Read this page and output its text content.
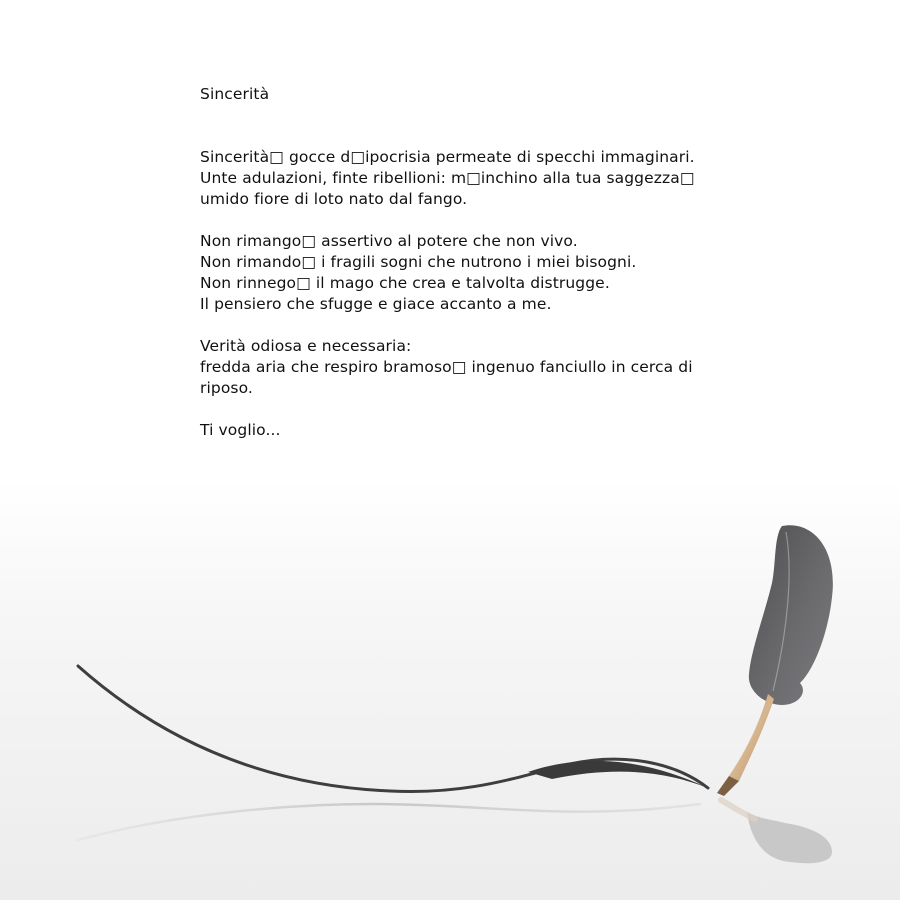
Sincerità
Sincerità□ gocce d□ipocrisia permeate di specchi immaginari.
Unte adulazioni, finte ribellioni: m□inchino alla tua saggezza□
umido fiore di loto nato dal fango.
Non rimango□ assertivo al potere che non vivo.
Non rimando□ i fragili sogni che nutrono i miei bisogni.
Non rinnego□ il mago che crea e talvolta distrugge.
Il pensiero che sfugge e giace accanto a me.
Verità odiosa e necessaria:
fredda aria che respiro bramoso□ ingenuo fanciullo in cerca di riposo.
Ti voglio...
